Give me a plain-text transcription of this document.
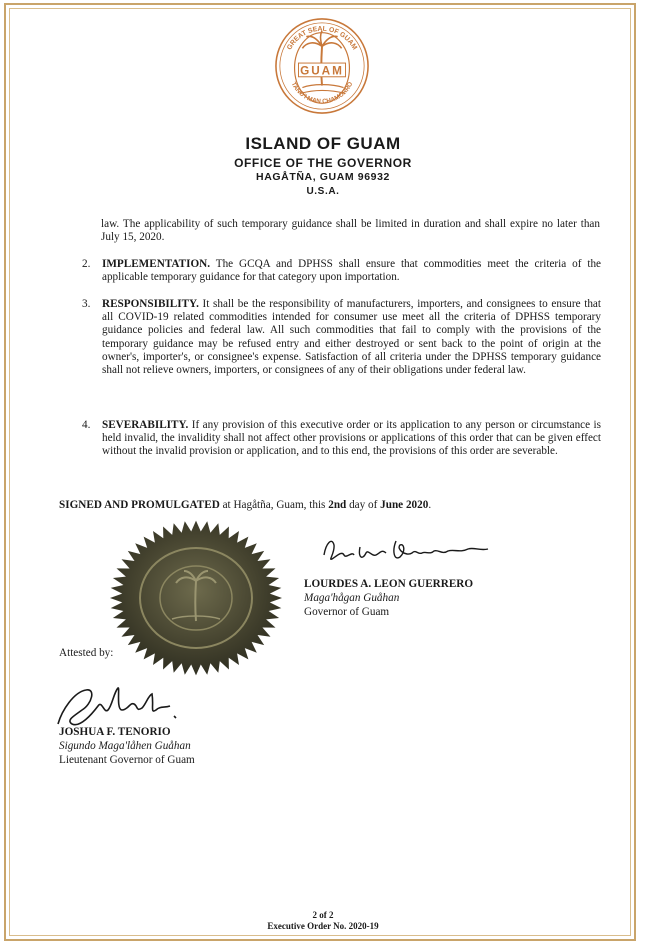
GREAT SEAL OF GUAM
TANO'I MAN CHAMORRO
GUAM
ISLAND OF GUAM
OFFICE OF THE GOVERNOR
HAGÅTÑA, GUAM 96932
U.S.A.
law. The applicability of such temporary guidance shall be limited in duration and shall expire no later than July 15, 2020.
2. IMPLEMENTATION. The GCQA and DPHSS shall ensure that commodities meet the criteria of the applicable temporary guidance for that category upon importation.
3. RESPONSIBILITY. It shall be the responsibility of manufacturers, importers, and consignees to ensure that all COVID-19 related commodities intended for consumer use meet all the criteria of DPHSS temporary guidance policies and federal law. All such commodities that fail to comply with the provisions of the temporary guidance may be refused entry and either destroyed or sent back to the point of origin at the owner's, importer's, or consignee's expense. Satisfaction of all criteria under the DPHSS temporary guidance shall not relieve owners, importers, or consignees of any of their obligations under federal law.
4. SEVERABILITY. If any provision of this executive order or its application to any person or circumstance is held invalid, the invalidity shall not affect other provisions or applications of this order that can be given effect without the invalid provision or application, and to this end, the provisions of this order are severable.
SIGNED AND PROMULGATED at Hagåtña, Guam, this 2nd day of June 2020.
LOURDES A. LEON GUERRERO
Maga'hågan Guåhan
Governor of Guam
Attested by:
JOSHUA F. TENORIO
Sigundo Maga'låhen Guåhan
Lieutenant Governor of Guam
2 of 2
Executive Order No. 2020-19
